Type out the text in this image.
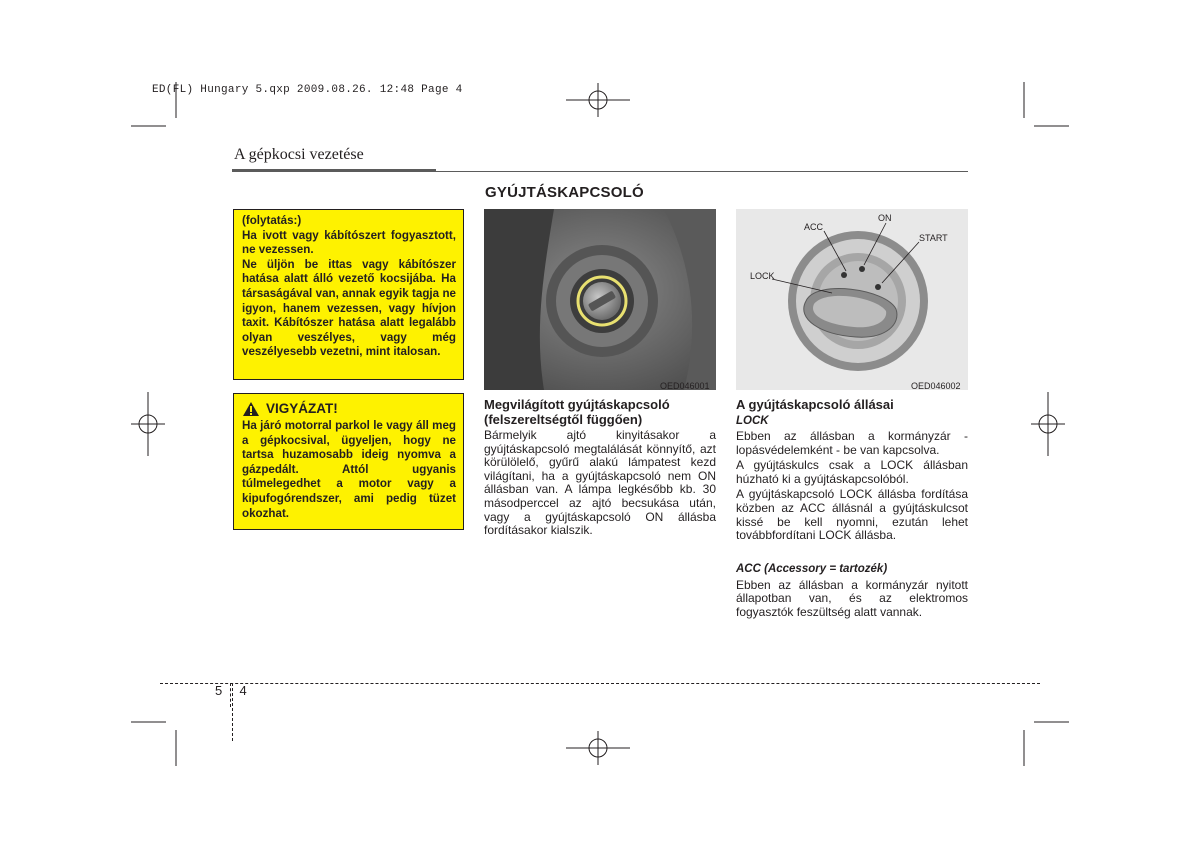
ED(FL) Hungary 5.qxp 2009.08.26. 12:48 Page 4
A gépkocsi vezetése
GYÚJTÁSKAPCSOLÓ

(folytatás:)

Ha ivott vagy kábítószert fogyasztott, ne vezessen.

Ne üljön be ittas vagy kábítószer hatása alatt álló vezető kocsijába. Ha társaságával van, annak egyik tagja ne igyon, hanem vezessen, vagy hívjon taxit. Kábítószer hatása alatt legalább olyan veszélyes, vagy még veszélyesebb vezetni, mint italosan.

VIGYÁZAT!

Ha járó motorral parkol le vagy áll meg a gépkocsival, ügyeljen, hogy ne tartsa huzamosabb ideig nyomva a gázpedált. Attól ugyanis túlmelegedhet a motor vagy a kipufogórendszer, ami pedig tüzet okozhat.

OED046001
ACC
ON
START
LOCK
OED046002
Megvilágított gyújtáskapcsoló (felszereltségtől függően)
Bármelyik ajtó kinyitásakor a gyújtáskapcsoló megtalálását könnyítő, azt körülölelő, gyűrű alakú lámpatest kezd világítani, ha a gyújtáskapcsoló nem ON állásban van. A lámpa legkésőbb kb. 30 másodperccel az ajtó becsukása után, vagy a gyújtáskapcsoló ON állásba fordításakor kialszik.
A gyújtáskapcsoló állásai
LOCK

Ebben az állásban a kormányzár - lopásvédelemként - be van kapcsolva.

A gyújtáskulcs csak a LOCK állásban húzható ki a gyújtáskapcsolóból.

A gyújtáskapcsoló LOCK állásba fordítása közben az ACC állásnál a gyújtáskulcsot kissé be kell nyomni, ezután lehet továbbfordítani LOCK állásba.

ACC (Accessory = tartozék)
Ebben az állásban a kormányzár nyitott állapotban van, és az elektromos fogyasztók feszültség alatt vannak.
5 4
